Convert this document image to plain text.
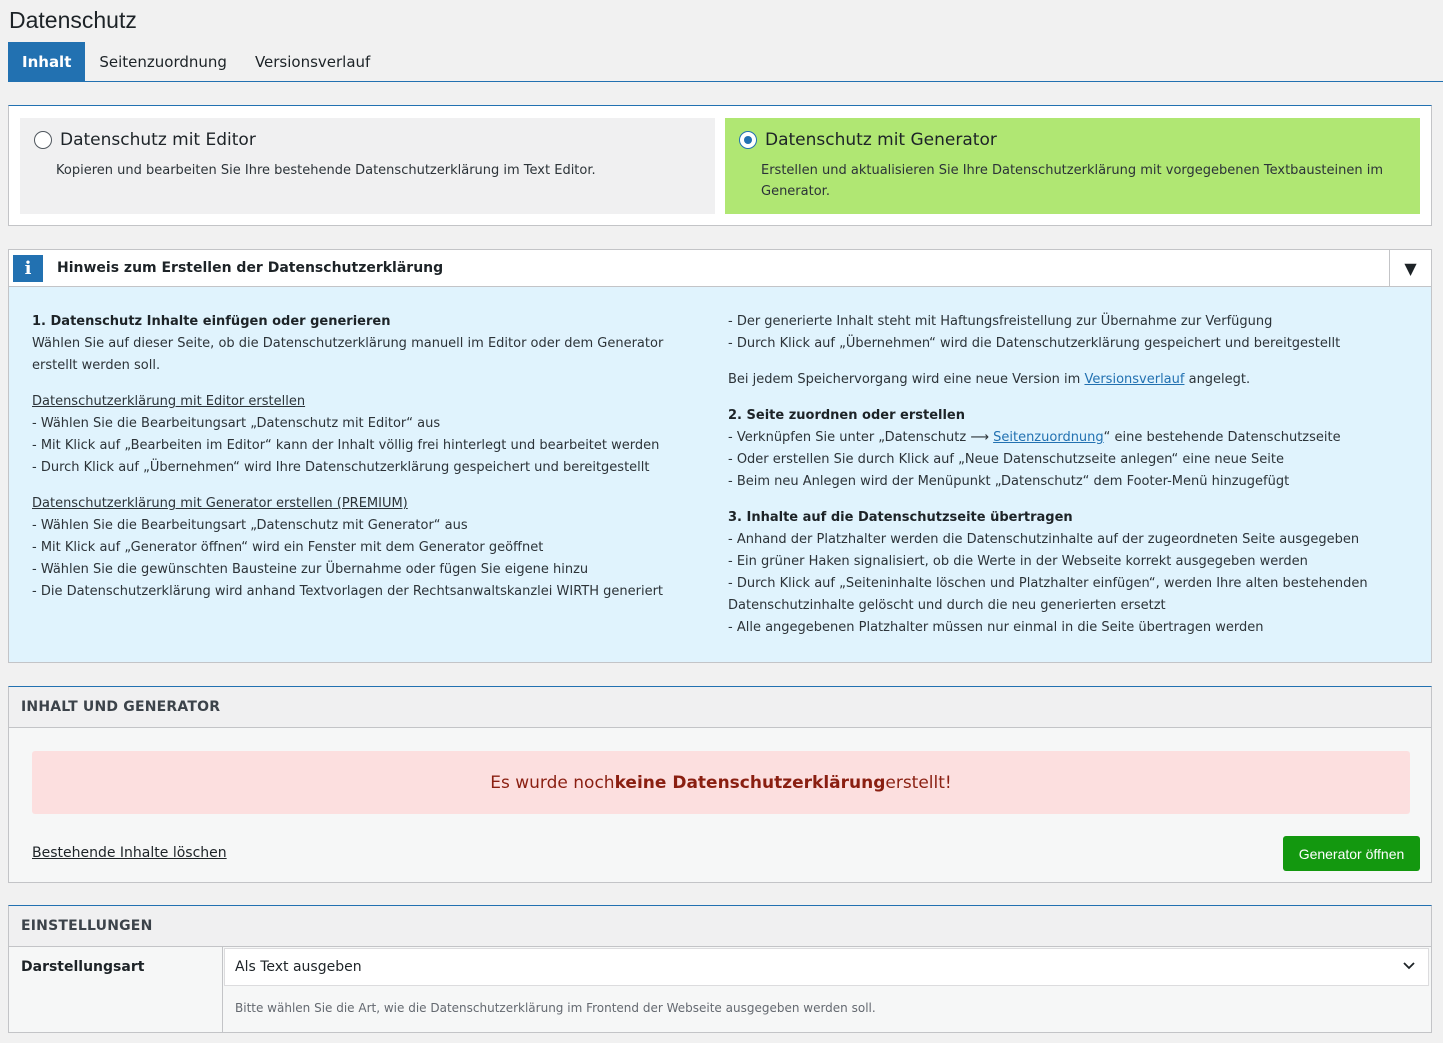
Datenschutz
Inhalt	Seitenzuordnung	Versionsverlauf
Datenschutz mit Editor
Kopieren und bearbeiten Sie Ihre bestehende Datenschutzerklärung im Text Editor.
Datenschutz mit Generator
Erstellen und aktualisieren Sie Ihre Datenschutzerklärung mit vorgegebenen Textbausteinen im Generator.
i	Hinweis zum Erstellen der Datenschutzerklärung	▼
1. Datenschutz Inhalte einfügen oder generieren

Wählen Sie auf dieser Seite, ob die Datenschutzerklärung manuell im Editor oder dem Generator erstellt werden soll.

Datenschutzerklärung mit Editor erstellen

- Wählen Sie die Bearbeitungsart „Datenschutz mit Editor“ aus

- Mit Klick auf „Bearbeiten im Editor“ kann der Inhalt völlig frei hinterlegt und bearbeitet werden

- Durch Klick auf „Übernehmen“ wird Ihre Datenschutzerklärung gespeichert und bereitgestellt

Datenschutzerklärung mit Generator erstellen (PREMIUM)

- Wählen Sie die Bearbeitungsart „Datenschutz mit Generator“ aus

- Mit Klick auf „Generator öffnen“ wird ein Fenster mit dem Generator geöffnet

- Wählen Sie die gewünschten Bausteine zur Übernahme oder fügen Sie eigene hinzu

- Die Datenschutzerklärung wird anhand Textvorlagen der Rechtsanwaltskanzlei WIRTH generiert

- Der generierte Inhalt steht mit Haftungsfreistellung zur Übernahme zur Verfügung

- Durch Klick auf „Übernehmen“ wird die Datenschutzerklärung gespeichert und bereitgestellt

Bei jedem Speichervorgang wird eine neue Version im Versionsverlauf angelegt.

2. Seite zuordnen oder erstellen

- Verknüpfen Sie unter „Datenschutz ⟶ Seitenzuordnung“ eine bestehende Datenschutzseite

- Oder erstellen Sie durch Klick auf „Neue Datenschutzseite anlegen“ eine neue Seite

- Beim neu Anlegen wird der Menüpunkt „Datenschutz“ dem Footer-Menü hinzugefügt

3. Inhalte auf die Datenschutzseite übertragen

- Anhand der Platzhalter werden die Datenschutzinhalte auf der zugeordneten Seite ausgegeben

- Ein grüner Haken signalisiert, ob die Werte in der Webseite korrekt ausgegeben werden

- Durch Klick auf „Seiteninhalte löschen und Platzhalter einfügen“, werden Ihre alten bestehenden Datenschutzinhalte gelöscht und durch die neu generierten ersetzt

- Alle angegebenen Platzhalter müssen nur einmal in die Seite übertragen werden

INHALT UND GENERATOR
Es wurde noch keine Datenschutzerklärung erstellt!
Bestehende Inhalte löschen	Generator öffnen
EINSTELLUNGEN
Darstellungsart	Als Text ausgeben
Bitte wählen Sie die Art, wie die Datenschutzerklärung im Frontend der Webseite ausgegeben werden soll.
